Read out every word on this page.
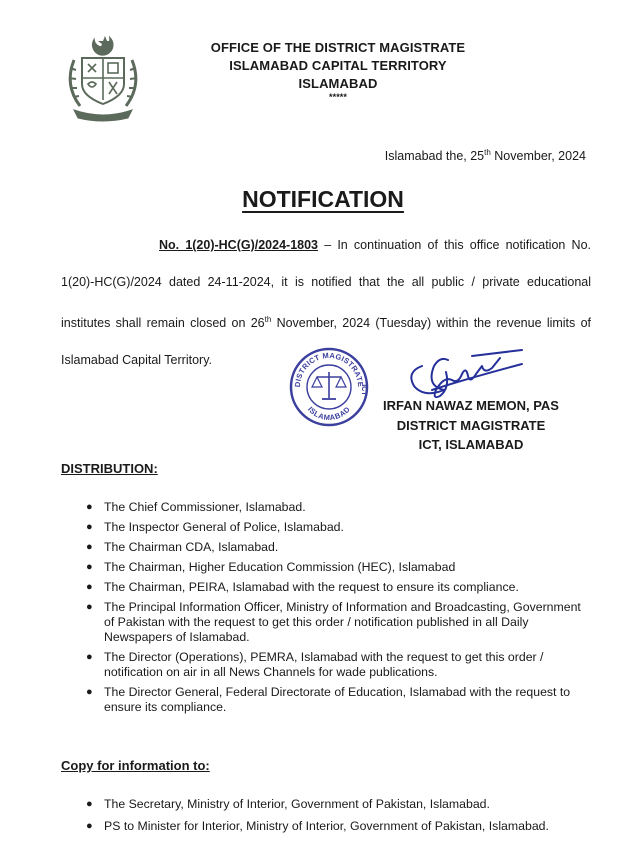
OFFICE OF THE DISTRICT MAGISTRATE
ISLAMABAD CAPITAL TERRITORY
ISLAMABAD
*****
Islamabad the, 25th November, 2024
NOTIFICATION
No. 1(20)-HC(G)/2024-1803 – In continuation of this office notification No. 1(20)-HC(G)/2024 dated 24-11-2024, it is notified that the all public / private educational institutes shall remain closed on 26th November, 2024 (Tuesday) within the revenue limits of Islamabad Capital Territory.
DISTRICT MAGISTRATE
ISLAMABAD
ICT
IRFAN NAWAZ MEMON, PAS
DISTRICT MAGISTRATE
ICT, ISLAMABAD
DISTRIBUTION:
● The Chief Commissioner, Islamabad.
● The Inspector General of Police, Islamabad.
● The Chairman CDA, Islamabad.
● The Chairman, Higher Education Commission (HEC), Islamabad
● The Chairman, PEIRA, Islamabad with the request to ensure its compliance.
● The Principal Information Officer, Ministry of Information and Broadcasting, Government of Pakistan with the request to get this order / notification published in all Daily Newspapers of Islamabad.
● The Director (Operations), PEMRA, Islamabad with the request to get this order / notification on air in all News Channels for wade publications.
● The Director General, Federal Directorate of Education, Islamabad with the request to ensure its compliance.
Copy for information to:
● The Secretary, Ministry of Interior, Government of Pakistan, Islamabad.
● PS to Minister for Interior, Ministry of Interior, Government of Pakistan, Islamabad.
